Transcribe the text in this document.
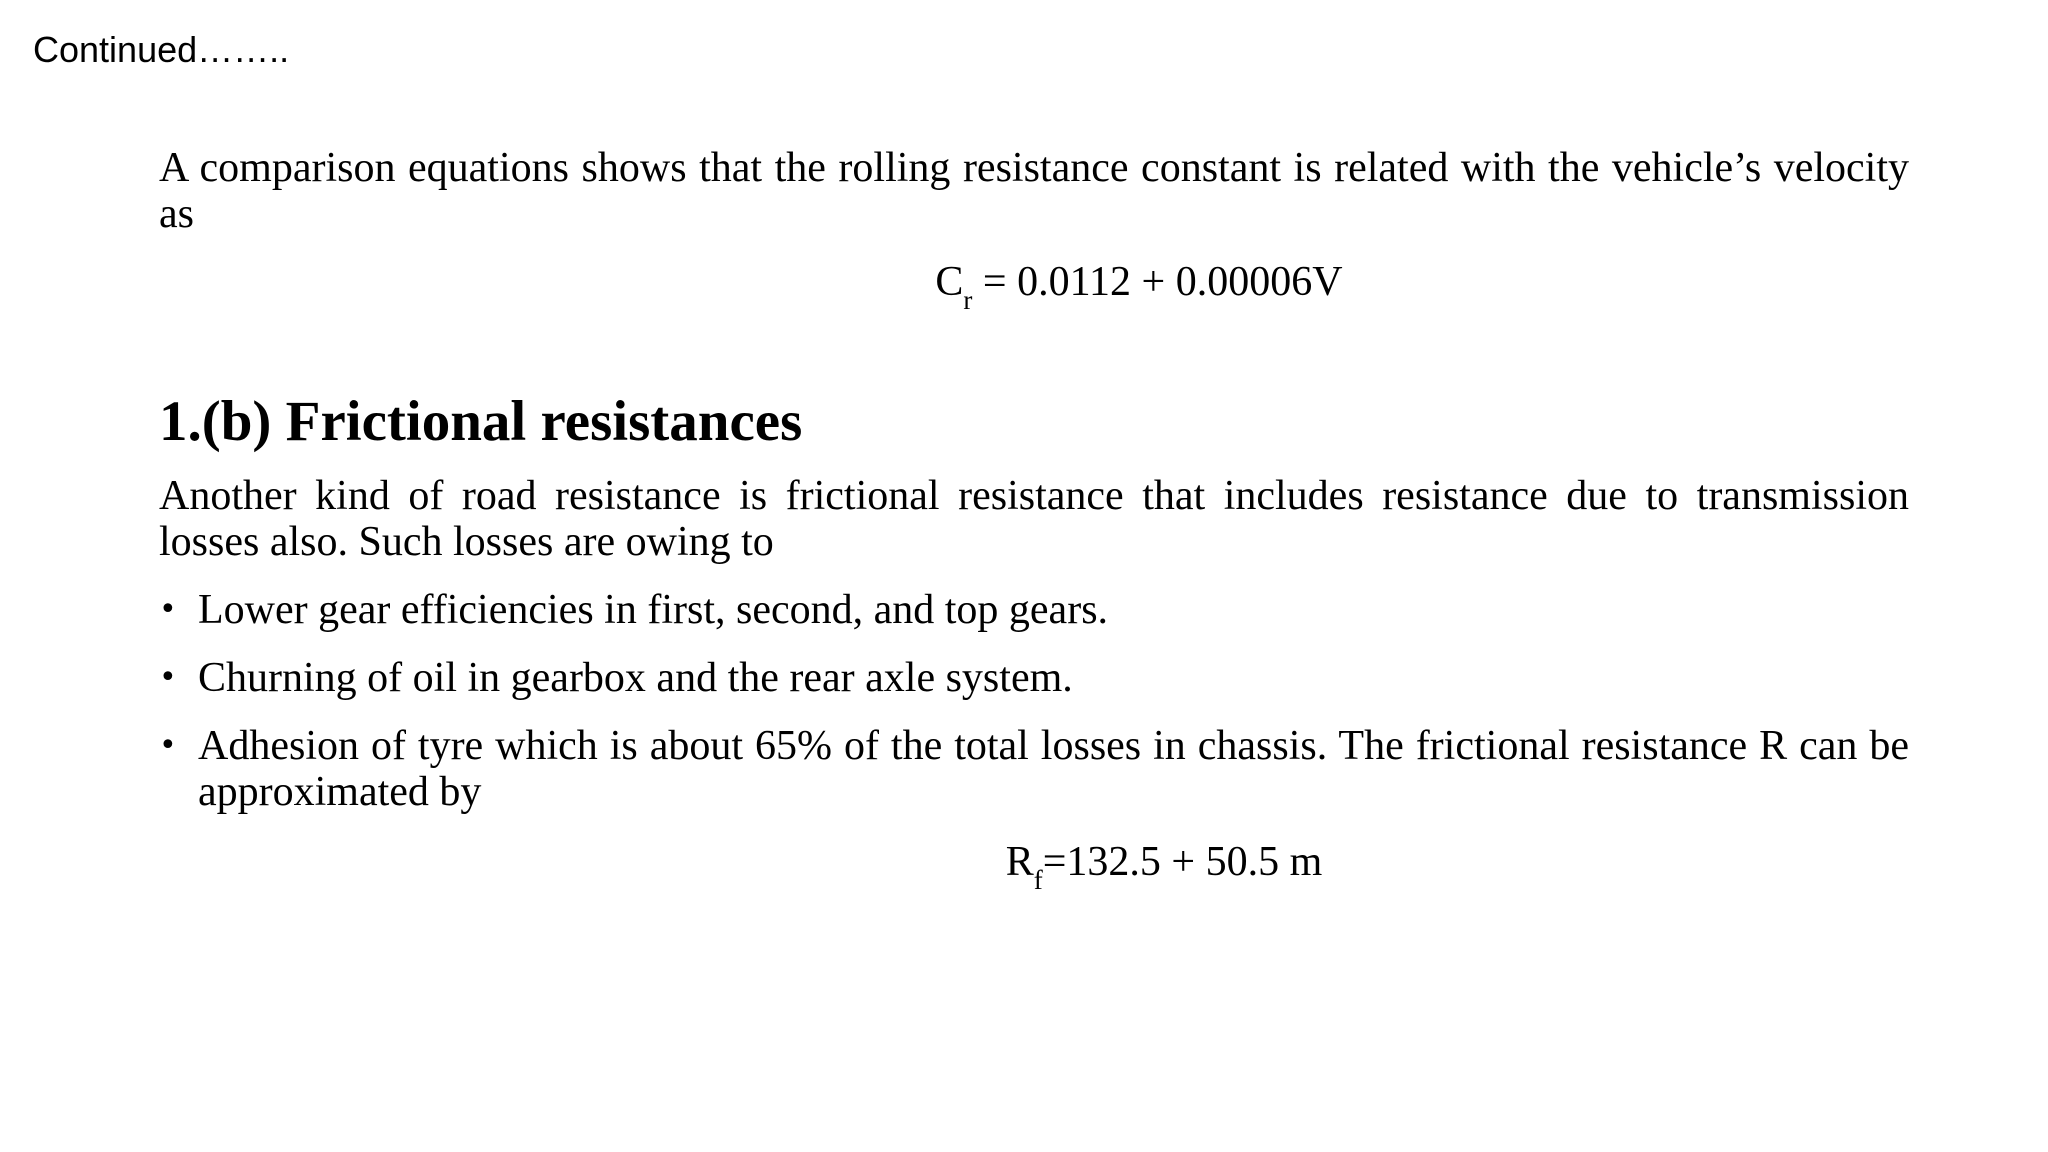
Continued……..

A comparison equations shows that the rolling resistance constant is related with the vehicle’s velocity as

$C_r = 0.0112 + 0.00006V$
1.(b) Frictional resistances

Another kind of road resistance is frictional resistance that includes resistance due to transmission losses also. Such losses are owing to

• Lower gear efficiencies in first, second, and top gears.
• Churning of oil in gearbox and the rear axle system.
• Adhesion of tyre which is about 65% of the total losses in chassis. The frictional resistance R can be approximated by
$R_f=132.5 + 50.5$ m
